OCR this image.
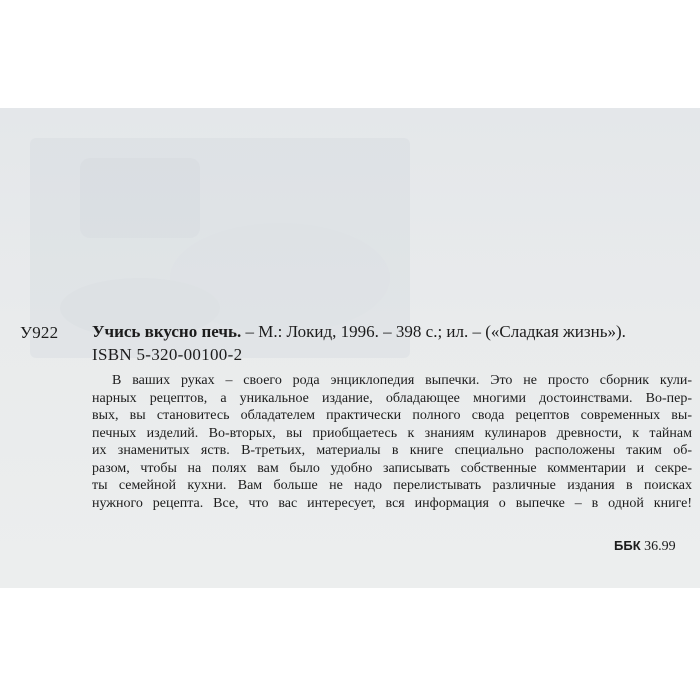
У922 Учись вкусно печь. – М.: Локид, 1996. – 398 с.; ил. – («Сладкая жизнь»).
ISBN 5-320-00100-2
В ваших руках – своего рода энциклопедия выпечки. Это не просто сборник кули-
нарных рецептов, а уникальное издание, обладающее многими достоинствами. Во-пер-
вых, вы становитесь обладателем практически полного свода рецептов современных вы-
печных изделий. Во-вторых, вы приобщаетесь к знаниям кулинаров древности, к тайнам
их знаменитых яств. В-третьих, материалы в книге специально расположены таким об-
разом, чтобы на полях вам было удобно записывать собственные комментарии и секре-
ты семейной кухни. Вам больше не надо перелистывать различные издания в поисках
нужного рецепта. Все, что вас интересует, вся информация о выпечке – в одной книге!
ББК 36.99
